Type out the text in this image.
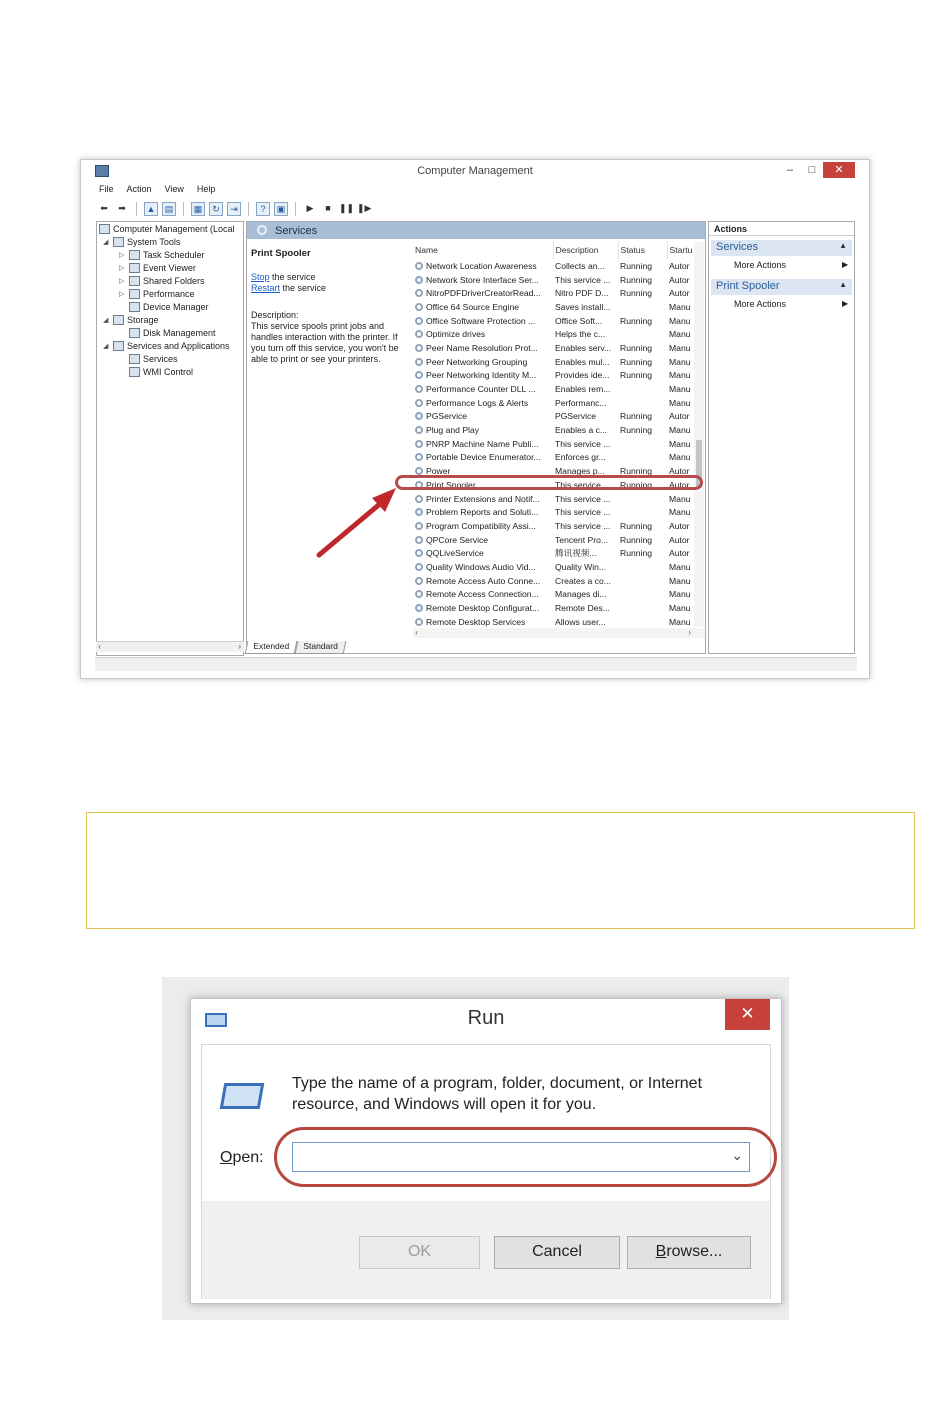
Computer Management	–	□	✕
File Action View Help
⬅	➡	▲	▤	▦	↻	⇥	?	▣	▶	■ ❚❚ ❚▶
Computer Management (Local
◢ System Tools
▷ Task Scheduler
▷ Event Viewer
▷ Shared Folders
▷ Performance
Device Manager
◢ Storage
Disk Management
◢ Services and Applications
Services
WMI Control
‹	›
Services
Print Spooler
Stop the service
Restart the service
Description:
This service spools print jobs and handles interaction with the printer. If you turn off this service, you won't be able to print or see your printers.
Name	Description	Status	Startu
Network Location Awareness	Collects an...	Running	Autor
Network Store Interface Ser...	This service ...	Running	Autor
NitroPDFDriverCreatorRead...	Nitro PDF D...	Running	Autor
Office 64 Source Engine	Saves install...		Manu
Office Software Protection ...	Office Soft...	Running	Manu
Optimize drives	Helps the c...		Manu
Peer Name Resolution Prot...	Enables serv...	Running	Manu
Peer Networking Grouping	Enables mul...	Running	Manu
Peer Networking Identity M...	Provides ide...	Running	Manu
Performance Counter DLL ...	Enables rem...		Manu
Performance Logs & Alerts	Performanc...		Manu
PGService	PGService	Running	Autor
Plug and Play	Enables a c...	Running	Manu
PNRP Machine Name Publi...	This service ...		Manu
Portable Device Enumerator...	Enforces gr...		Manu
Power	Manages p...	Running	Autor
Print Spooler	This service ...	Running	Autor
Printer Extensions and Notif...	This service ...		Manu
Problem Reports and Soluti...	This service ...		Manu
Program Compatibility Assi...	This service ...	Running	Autor
QPCore Service	Tencent Pro...	Running	Autor
QQLiveService	腾讯视频...	Running	Autor
Quality Windows Audio Vid...	Quality Win...		Manu
Remote Access Auto Conne...	Creates a co...		Manu
Remote Access Connection...	Manages di...		Manu
Remote Desktop Configurat...	Remote Des...		Manu
Remote Desktop Services	Allows user...		Manu
‹	›
Extended	Standard
Actions
Services	▲
More Actions	▶
Print Spooler	▲
More Actions	▶
Run	✕
Type the name of a program, folder, document, or Internet resource, and Windows will open it for you.
Open:	⌄
OK	Cancel	Browse...
